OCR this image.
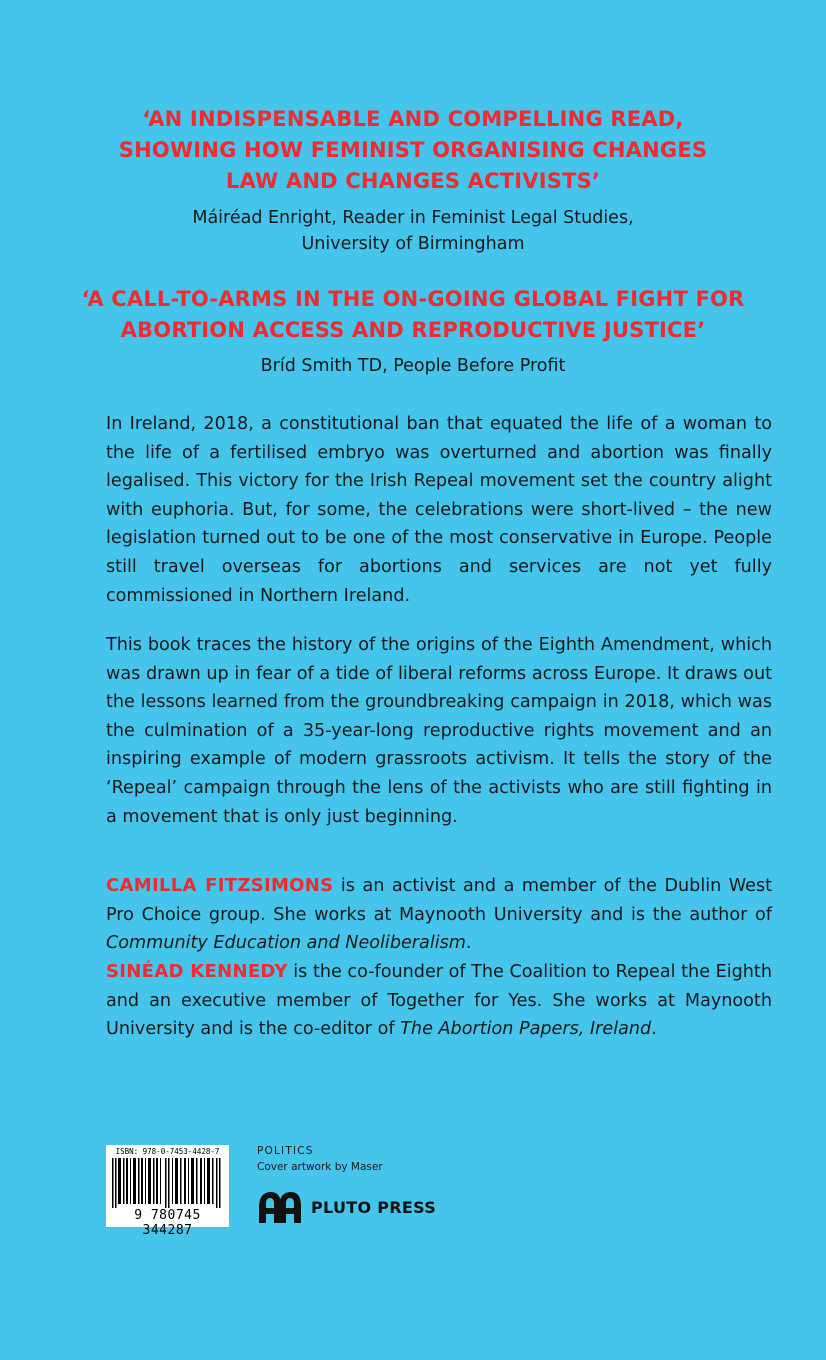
‘AN INDISPENSABLE AND COMPELLING READ,
SHOWING HOW FEMINIST ORGANISING CHANGES
LAW AND CHANGES ACTIVISTS’
Máiréad Enright, Reader in Feminist Legal Studies,
University of Birmingham
‘A CALL-TO-ARMS IN THE ON-GOING GLOBAL FIGHT FOR
ABORTION ACCESS AND REPRODUCTIVE JUSTICE’
Bríd Smith TD, People Before Profit
In Ireland, 2018, a constitutional ban that equated the life of a woman to the life of a fertilised embryo was overturned and abortion was finally legalised. This victory for the Irish Repeal movement set the country alight with euphoria. But, for some, the celebrations were short-lived – the new legislation turned out to be one of the most conservative in Europe. People still travel overseas for abortions and services are not yet fully commissioned in Northern Ireland.
This book traces the history of the origins of the Eighth Amendment, which was drawn up in fear of a tide of liberal reforms across Europe. It draws out the lessons learned from the groundbreaking campaign in 2018, which was the culmination of a 35-year-long reproductive rights movement and an inspiring example of modern grassroots activism. It tells the story of the ‘Repeal’ campaign through the lens of the activists who are still fighting in a movement that is only just beginning.
CAMILLA FITZSIMONS is an activist and a member of the Dublin West Pro Choice group. She works at Maynooth University and is the author of Community Education and Neoliberalism.
SINÉAD KENNEDY is the co-founder of The Coalition to Repeal the Eighth and an executive member of Together for Yes. She works at Maynooth University and is the co-editor of The Abortion Papers, Ireland.
ISBN: 978-0-7453-4428-7
9 780745 344287
POLITICS
Cover artwork by Maser
PLUTO PRESS
